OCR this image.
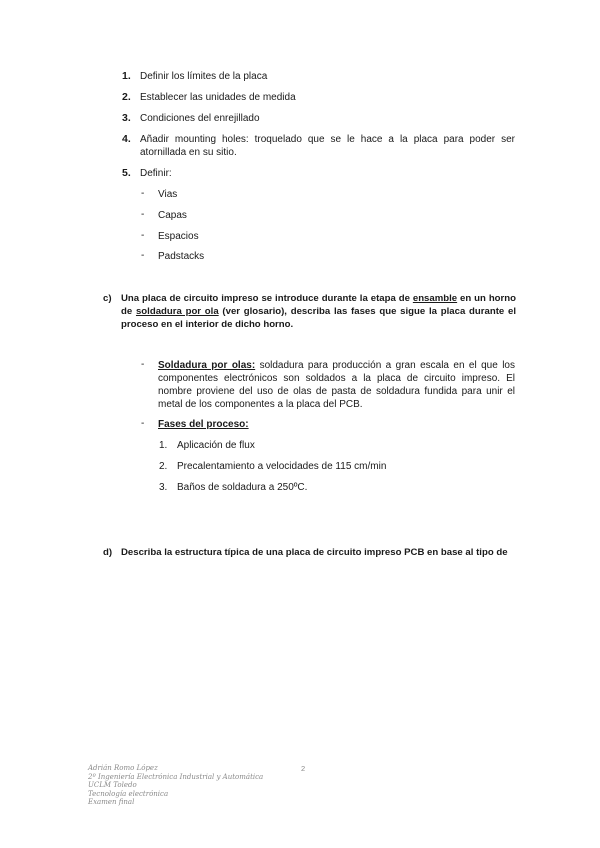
1. Definir los límites de la placa
2. Establecer las unidades de medida
3. Condiciones del enrejillado
4. Añadir mounting holes: troquelado que se le hace a la placa para poder ser atornillada en su sitio.
5. Definir:
- Vias
- Capas
- Espacios
- Padstacks
c) Una placa de circuito impreso se introduce durante la etapa de ensamble en un horno de soldadura por ola (ver glosario), describa las fases que sigue la placa durante el proceso en el interior de dicho horno.
- Soldadura por olas: soldadura para producción a gran escala en el que los componentes electrónicos son soldados a la placa de circuito impreso. El nombre proviene del uso de olas de pasta de soldadura fundida para unir el metal de los componentes a la placa del PCB.
- Fases del proceso:
1. Aplicación de flux
2. Precalentamiento a velocidades de 115 cm/min
3. Baños de soldadura a 250ºC.
d) Describa la estructura típica de una placa de circuito impreso PCB en base al tipo de
Adrián Romo López
2º Ingeniería Electrónica Industrial y Automática
UCLM Toledo
Tecnología electrónica
Examen final
2
